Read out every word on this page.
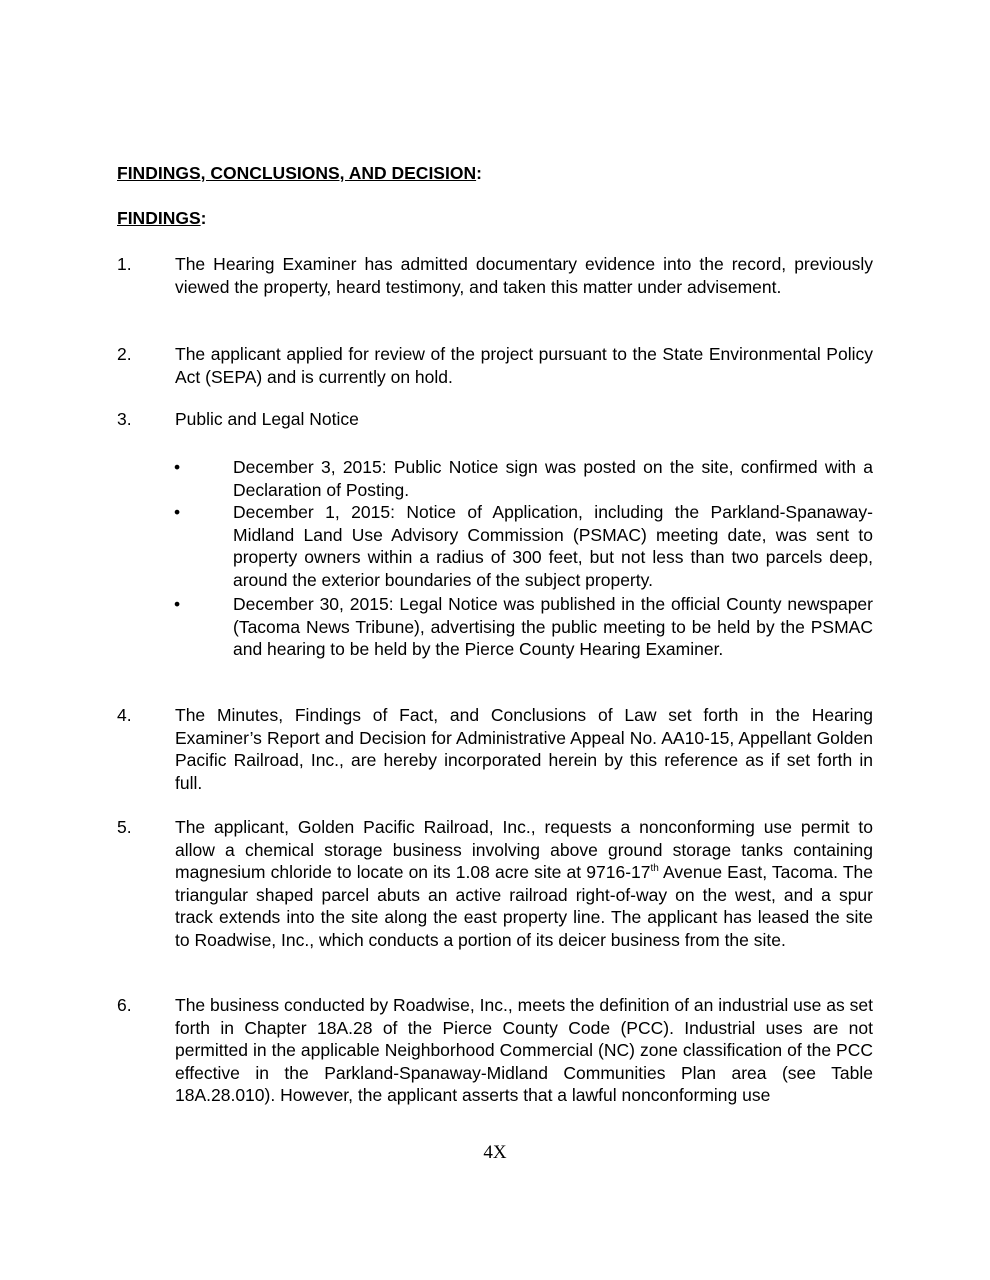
FINDINGS, CONCLUSIONS, AND DECISION:
FINDINGS:
1. The Hearing Examiner has admitted documentary evidence into the record, previously viewed the property, heard testimony, and taken this matter under advisement.
2. The applicant applied for review of the project pursuant to the State Environmental Policy Act (SEPA) and is currently on hold.
3. Public and Legal Notice
•	December 3, 2015: Public Notice sign was posted on the site, confirmed with a Declaration of Posting.
•	December 1, 2015: Notice of Application, including the Parkland-Spanaway-Midland Land Use Advisory Commission (PSMAC) meeting date, was sent to property owners within a radius of 300 feet, but not less than two parcels deep, around the exterior boundaries of the subject property.
•	December 30, 2015: Legal Notice was published in the official County newspaper (Tacoma News Tribune), advertising the public meeting to be held by the PSMAC and hearing to be held by the Pierce County Hearing Examiner.
4. The Minutes, Findings of Fact, and Conclusions of Law set forth in the Hearing Examiner’s Report and Decision for Administrative Appeal No. AA10-15, Appellant Golden Pacific Railroad, Inc., are hereby incorporated herein by this reference as if set forth in full.
5. The applicant, Golden Pacific Railroad, Inc., requests a nonconforming use permit to allow a chemical storage business involving above ground storage tanks containing magnesium chloride to locate on its 1.08 acre site at 9716-17th Avenue East, Tacoma. The triangular shaped parcel abuts an active railroad right-of-way on the west, and a spur track extends into the site along the east property line. The applicant has leased the site to Roadwise, Inc., which conducts a portion of its deicer business from the site.
6. The business conducted by Roadwise, Inc., meets the definition of an industrial use as set forth in Chapter 18A.28 of the Pierce County Code (PCC). Industrial uses are not permitted in the applicable Neighborhood Commercial (NC) zone classification of the PCC effective in the Parkland-Spanaway-Midland Communities Plan area (see Table 18A.28.010). However, the applicant asserts that a lawful nonconforming use
4X
